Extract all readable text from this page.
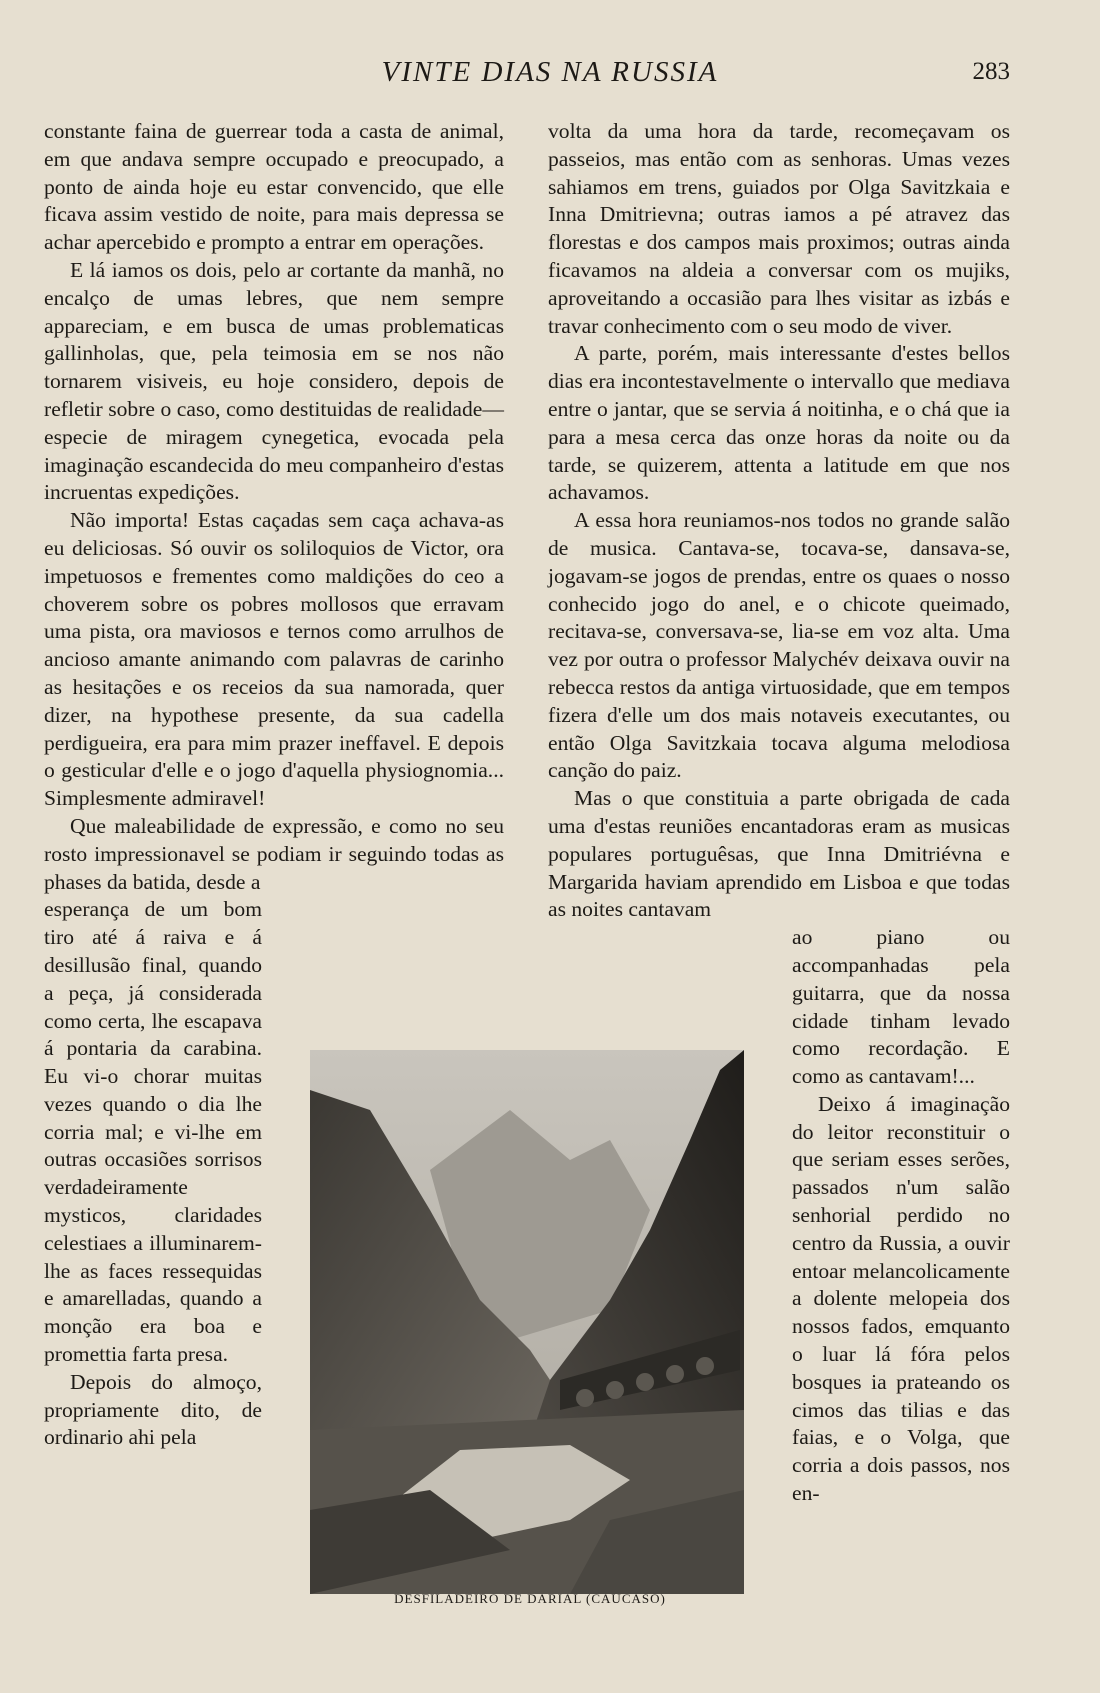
VINTE DIAS NA RUSSIA	283

constante faina de guerrear toda a casta de animal, em que andava sempre occupado e preocupado, a ponto de ainda hoje eu estar convencido, que elle ficava assim vestido de noite, para mais depressa se achar apercebido e prompto a entrar em operações.

E lá iamos os dois, pelo ar cortante da manhã, no encalço de umas lebres, que nem sempre appareciam, e em busca de umas problematicas gallinholas, que, pela teimosia em se nos não tornarem visiveis, eu hoje considero, depois de refletir sobre o caso, como destituidas de realidade—especie de miragem cynegetica, evocada pela imaginação escandecida do meu companheiro d'estas incruentas expedições.

Não importa! Estas caçadas sem caça achava-as eu deliciosas. Só ouvir os soliloquios de Victor, ora impetuosos e frementes como maldições do ceo a choverem sobre os pobres mollosos que erravam uma pista, ora maviosos e ternos como arrulhos de ancioso amante animando com palavras de carinho as hesitações e os receios da sua namorada, quer dizer, na hypothese presente, da sua cadella perdigueira, era para mim prazer ineffavel. E depois o gesticular d'elle e o jogo d'aquella physiognomia... Simplesmente admiravel!

Que maleabilidade de expressão, e como no seu rosto impressionavel se podiam ir seguindo todas as phases da batida, desde a

esperança de um bom tiro até á raiva e á desillusão final, quando a peça, já considerada como certa, lhe escapava á pontaria da carabina. Eu vi-o chorar muitas vezes quando o dia lhe corria mal; e vi-lhe em outras occasiões sorrisos verdadeiramente mysticos, claridades celestiaes a illuminarem-lhe as faces ressequidas e amarelladas, quando a monção era boa e promettia farta presa.

Depois do almoço, propriamente dito, de ordinario ahi pela

volta da uma hora da tarde, recomeçavam os passeios, mas então com as senhoras. Umas vezes sahiamos em trens, guiados por Olga Savitzkaia e Inna Dmitrievna; outras iamos a pé atravez das florestas e dos campos mais proximos; outras ainda ficavamos na aldeia a conversar com os mujiks, aproveitando a occasião para lhes visitar as izbás e travar conhecimento com o seu modo de viver.

A parte, porém, mais interessante d'estes bellos dias era incontestavelmente o intervallo que mediava entre o jantar, que se servia á noitinha, e o chá que ia para a mesa cerca das onze horas da noite ou da tarde, se quizerem, attenta a latitude em que nos achavamos.

A essa hora reuniamos-nos todos no grande salão de musica. Cantava-se, tocava-se, dansava-se, jogavam-se jogos de prendas, entre os quaes o nosso conhecido jogo do anel, e o chicote queimado, recitava-se, conversava-se, lia-se em voz alta. Uma vez por outra o professor Malychév deixava ouvir na rebecca restos da antiga virtuosidade, que em tempos fizera d'elle um dos mais notaveis executantes, ou então Olga Savitzkaia tocava alguma melodiosa canção do paiz.

Mas o que constituia a parte obrigada de cada uma d'estas reuniões encantadoras eram as musicas populares portuguêsas, que Inna Dmitriévna e Margarida haviam aprendido em Lisboa e que todas as noites cantavam

ao piano ou accompanhadas pela guitarra, que da nossa cidade tinham levado como recordação. E como as cantavam!...

Deixo á imaginação do leitor reconstituir o que seriam esses serões, passados n'um salão senhorial perdido no centro da Russia, a ouvir entoar melancolicamente a dolente melopeia dos nossos fados, emquanto o luar lá fóra pelos bosques ia prateando os cimos das tilias e das faias, e o Volga, que corria a dois passos, nos en-

DESFILADEIRO DE DARIAL (CAUCASO)
